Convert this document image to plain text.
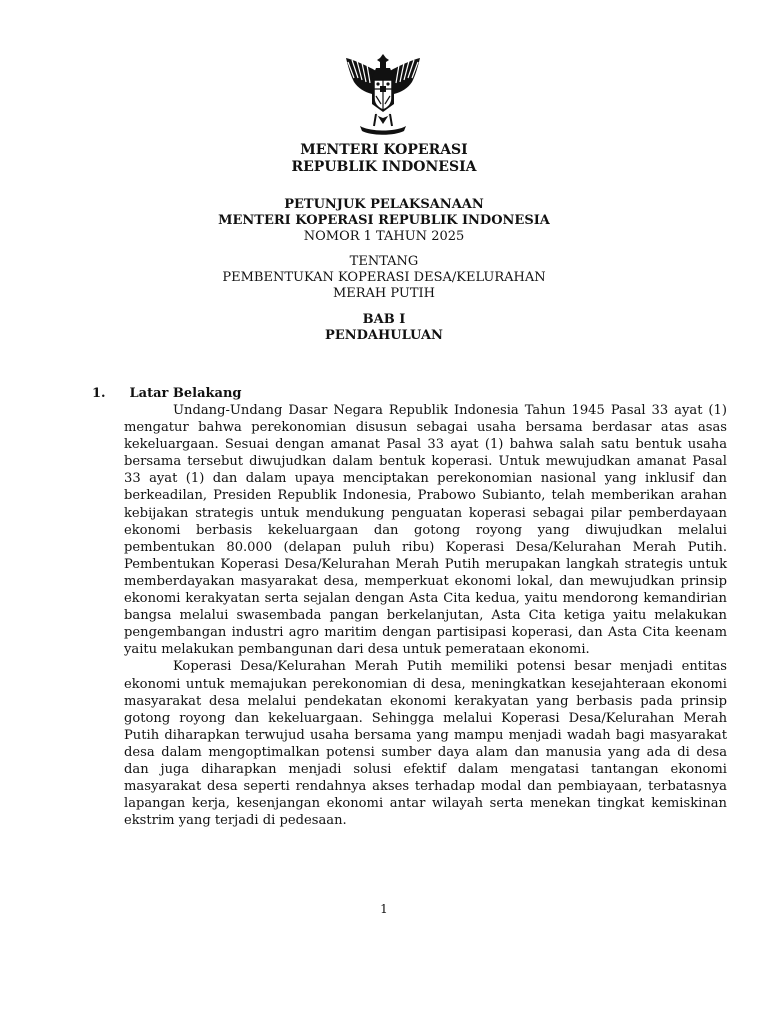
MENTERI KOPERASI
REPUBLIK INDONESIA
PETUNJUK PELAKSANAAN
MENTERI KOPERASI REPUBLIK INDONESIA
NOMOR 1 TAHUN 2025
TENTANG
PEMBENTUKAN KOPERASI DESA/KELURAHAN
MERAH PUTIH
BAB I
PENDAHULUAN
1. Latar Belakang

Undang-Undang Dasar Negara Republik Indonesia Tahun 1945 Pasal 33 ayat (1) mengatur bahwa perekonomian disusun sebagai usaha bersama berdasar atas asas kekeluargaan. Sesuai dengan amanat Pasal 33 ayat (1) bahwa salah satu bentuk usaha bersama tersebut diwujudkan dalam bentuk koperasi. Untuk mewujudkan amanat Pasal 33 ayat (1) dan dalam upaya menciptakan perekonomian nasional yang inklusif dan berkeadilan, Presiden Republik Indonesia, Prabowo Subianto, telah memberikan arahan kebijakan strategis untuk mendukung penguatan koperasi sebagai pilar pemberdayaan ekonomi berbasis kekeluargaan dan gotong royong yang diwujudkan melalui pembentukan 80.000 (delapan puluh ribu) Koperasi Desa/Kelurahan Merah Putih. Pembentukan Koperasi Desa/Kelurahan Merah Putih merupakan langkah strategis untuk memberdayakan masyarakat desa, memperkuat ekonomi lokal, dan mewujudkan prinsip ekonomi kerakyatan serta sejalan dengan Asta Cita kedua, yaitu mendorong kemandirian bangsa melalui swasembada pangan berkelanjutan, Asta Cita ketiga yaitu melakukan pengembangan industri agro maritim dengan partisipasi koperasi, dan Asta Cita keenam yaitu melakukan pembangunan dari desa untuk pemerataan ekonomi.

Koperasi Desa/Kelurahan Merah Putih memiliki potensi besar menjadi entitas ekonomi untuk memajukan perekonomian di desa, meningkatkan kesejahteraan ekonomi masyarakat desa melalui pendekatan ekonomi kerakyatan yang berbasis pada prinsip gotong royong dan kekeluargaan. Sehingga melalui Koperasi Desa/Kelurahan Merah Putih diharapkan terwujud usaha bersama yang mampu menjadi wadah bagi masyarakat desa dalam mengoptimalkan potensi sumber daya alam dan manusia yang ada di desa dan juga diharapkan menjadi solusi efektif dalam mengatasi tantangan ekonomi masyarakat desa seperti rendahnya akses terhadap modal dan pembiayaan, terbatasnya lapangan kerja, kesenjangan ekonomi antar wilayah serta menekan tingkat kemiskinan ekstrim yang terjadi di pedesaan.

1
